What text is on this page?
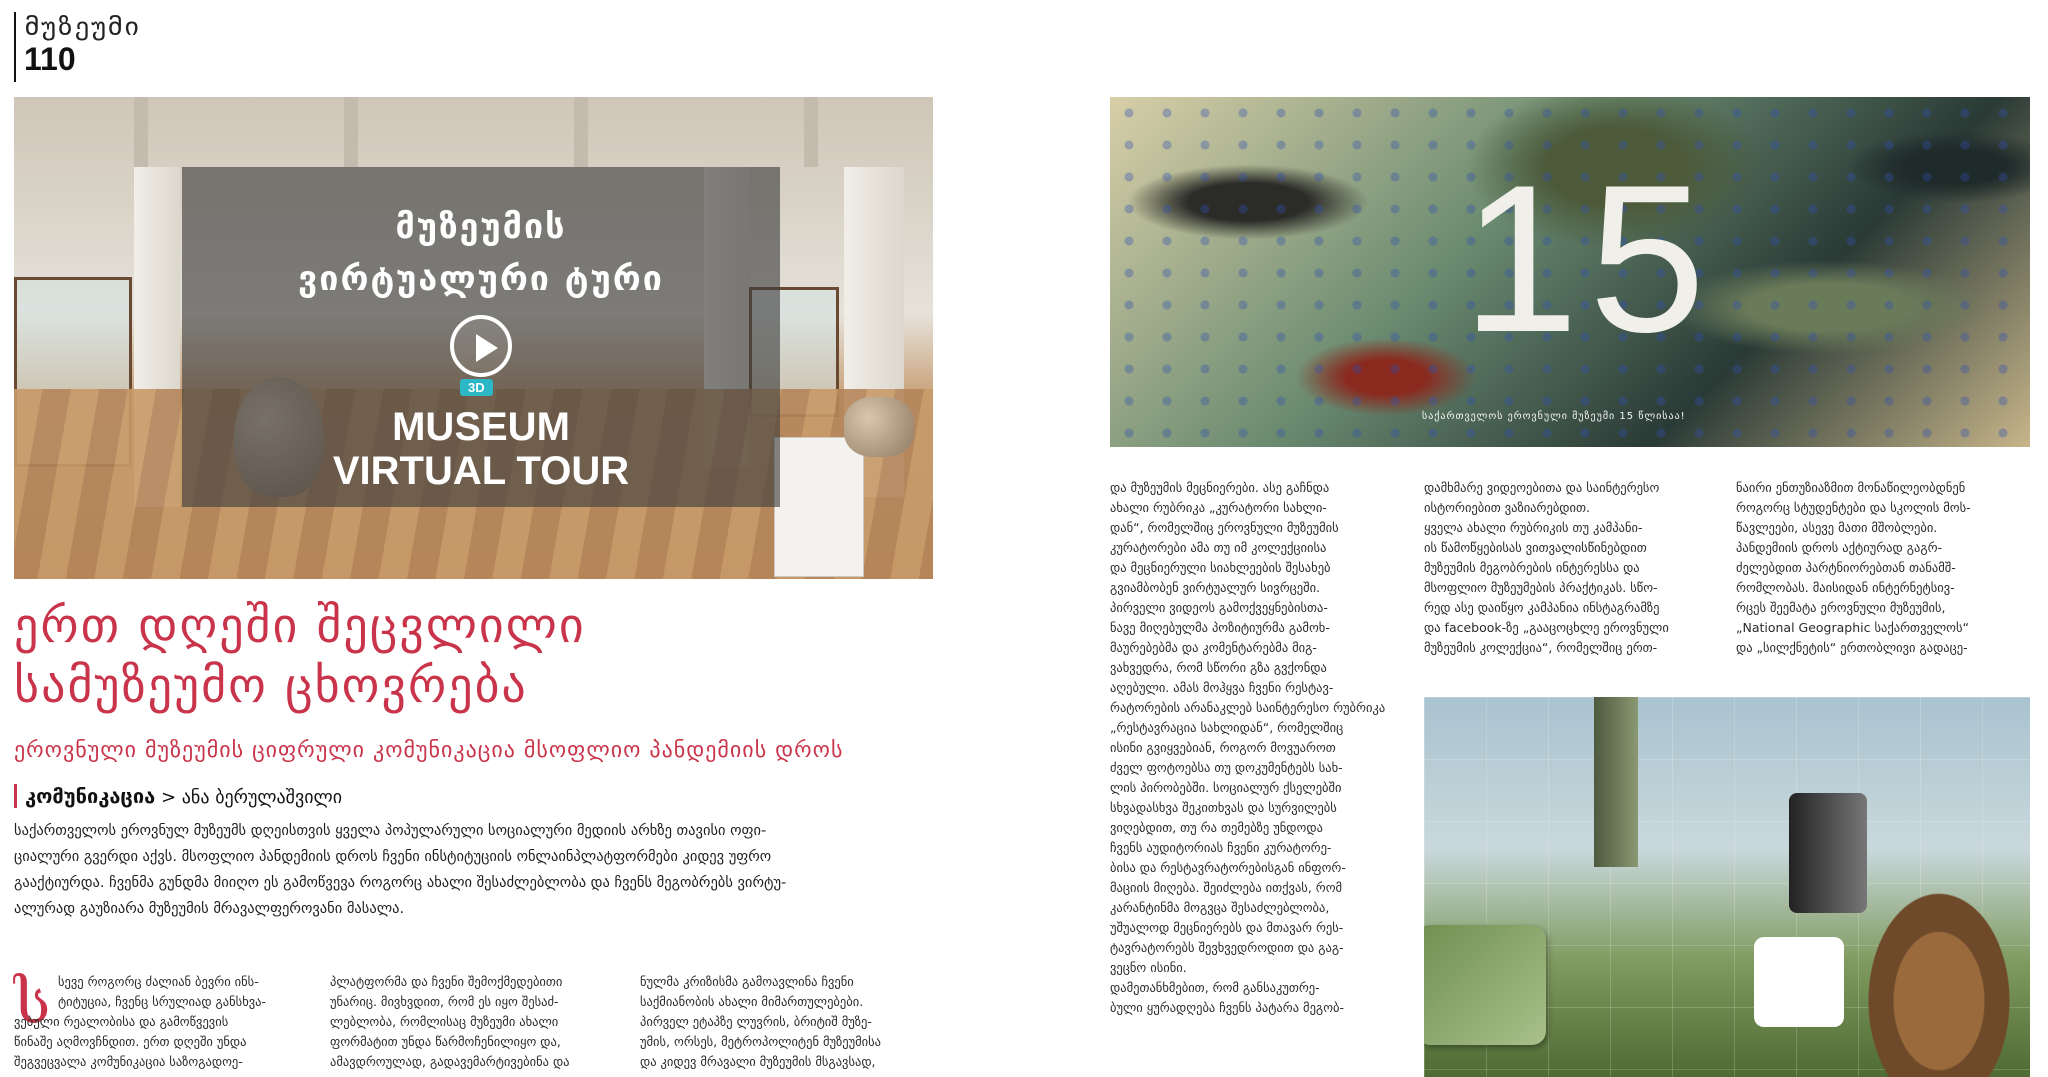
მუზეუმი
110
მუზეუმის
ვირტუალური ტური
3D
MUSEUM
VIRTUAL TOUR
ერთ დღეში შეცვლილი
სამუზეუმო ცხოვრება
ეროვნული მუზეუმის ციფრული კომუნიკაცია მსოფლიო პანდემიის დროს
კომუნიკაცია > ანა ბერულაშვილი
საქართველოს ეროვნულ მუზეუმს დღეისთვის ყველა პოპულარული სოციალური მედიის არხზე თავისი ოფი-
ციალური გვერდი აქვს. მსოფლიო პანდემიის დროს ჩვენი ინსტიტუციის ონლაინპლატფორმები კიდევ უფრო
გააქტიურდა. ჩვენმა გუნდმა მიიღო ეს გამოწვევა როგორც ახალი შესაძლებლობა და ჩვენს მეგობრებს ვირტუ-
ალურად გაუზიარა მუზეუმის მრავალფეროვანი მასალა.
ს სევე როგორც ძალიან ბევრი ინს-
ტიტუცია, ჩვენც სრულიად განსხვა-
ვებული რეალობისა და გამოწვევის
წინაშე აღმოვჩნდით. ერთ დღეში უნდა
შეგვეცვალა კომუნიკაცია საზოგადოე-
პლატფორმა და ჩვენი შემოქმედებითი
უნარიც. მივხვდით, რომ ეს იყო შესაძ-
ლებლობა, რომლისაც მუზეუმი ახალი
ფორმატით უნდა წარმოჩენილიყო და,
ამავდროულად, გადავემარტივებინა და
ნულმა კრიზისმა გამოავლინა ჩვენი
საქმიანობის ახალი მიმართულებები.
პირველ ეტაპზე ლუვრის, ბრიტიშ მუზე-
უმის, ორსეს, მეტროპოლიტენ მუზეუმისა
და კიდევ მრავალი მუზეუმის მსგავსად,
15
საქართველოს ეროვნული მუზეუმი 15 წლისაა!
და მუზეუმის მეცნიერები. ასე გაჩნდა
ახალი რუბრიკა „კურატორი სახლი-
დან“, რომელშიც ეროვნული მუზეუმის
კურატორები ამა თუ იმ კოლექციისა
და მეცნიერული სიახლეების შესახებ
გვიამბობენ ვირტუალურ სივრცეში.
პირველი ვიდეოს გამოქვეყნებისთა-
ნავე მიღებულმა პოზიტიურმა გამოხ-
მაურებებმა და კომენტარებმა მიგ-
ვახვედრა, რომ სწორი გზა გვქონდა
აღებული. ამას მოჰყვა ჩვენი რესტავ-
რატორების არანაკლებ საინტერესო რუბრიკა
„რესტავრაცია სახლიდან“, რომელშიც
ისინი გვიყვებიან, როგორ მოვუაროთ
ძველ ფოტოებსა თუ დოკუმენტებს სახ-
ლის პირობებში. სოციალურ ქსელებში
სხვადასხვა შეკითხვას და სურვილებს
ვიღებდით, თუ რა თემებზე უნდოდა
ჩვენს აუდიტორიას ჩვენი კურატორე-
ბისა და რესტავრატორებისგან ინფორ-
მაციის მიღება. შეიძლება ითქვას, რომ
კარანტინმა მოგვცა შესაძლებლობა,
უშუალოდ მეცნიერებს და მთავარ რეს-
ტავრატორებს შევხვედროდით და გაგ-
ვეცნო ისინი.
დამეთანხმებით, რომ განსაკუთრე-
ბული ყურადღება ჩვენს პატარა მეგობ-
დამხმარე ვიდეოებითა და საინტერესო
ისტორიებით ვაზიარებდით.
ყველა ახალი რუბრიკის თუ კამპანი-
ის წამოწყებისას ვითვალისწინებდით
მუზეუმის მეგობრების ინტერესსა და
მსოფლიო მუზეუმების პრაქტიკას. სწო-
რედ ასე დაიწყო კამპანია ინსტაგრამზე
და facebook-ზე „გააცოცხლე ეროვნული
მუზეუმის კოლექცია“, რომელშიც ერთ-
ნაირი ენთუზიაზმით მონაწილეობდნენ
როგორც სტუდენტები და სკოლის მოს-
წავლეები, ასევე მათი მშობლები.
პანდემიის დროს აქტიურად გაგრ-
ძელებდით პარტნიორებთან თანამშ-
რომლობას. მაისიდან ინტერნეტსივ-
რცეს შეემატა ეროვნული მუზეუმის,
„National Geographic საქართველოს“
და „სილქნეტის“ ერთობლივი გადაცე-
